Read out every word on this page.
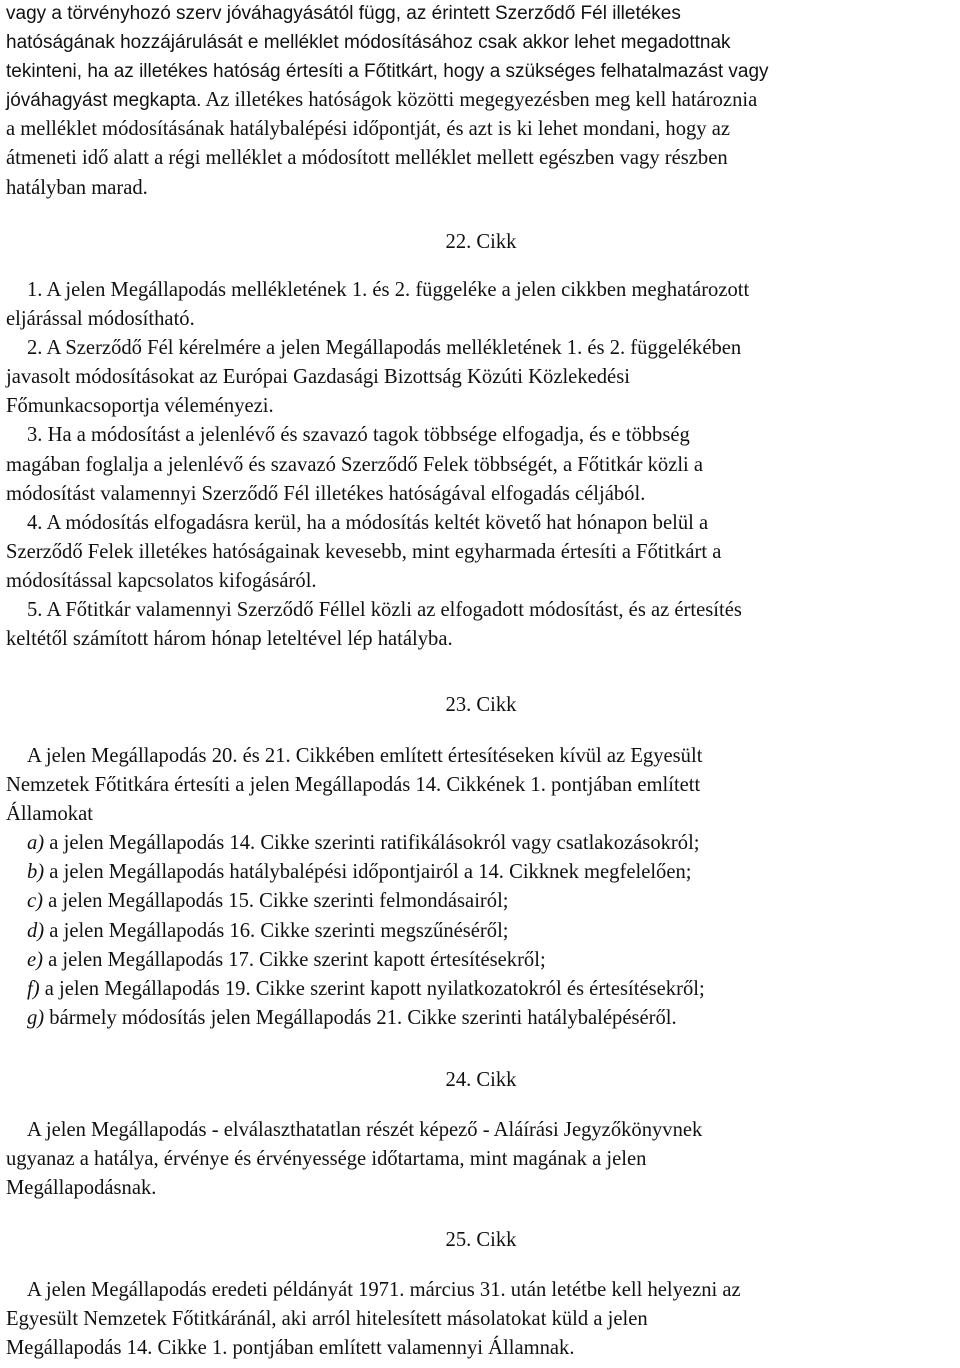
vagy a törvényhozó szerv jóváhagyásától függ, az érintett Szerződő Fél illetékes

hatóságának hozzájárulását e melléklet módosításához csak akkor lehet megadottnak

tekinteni, ha az illetékes hatóság értesíti a Főtitkárt, hogy a szükséges felhatalmazást vagy

jóváhagyást megkapta. Az illetékes hatóságok közötti megegyezésben meg kell határoznia

a melléklet módosításának hatálybalépési időpontját, és azt is ki lehet mondani, hogy az

átmeneti idő alatt a régi melléklet a módosított melléklet mellett egészben vagy részben

hatályban marad.

22. Cikk

1. A jelen Megállapodás mellékletének 1. és 2. függeléke a jelen cikkben meghatározott

eljárással módosítható.

2. A Szerződő Fél kérelmére a jelen Megállapodás mellékletének 1. és 2. függelékében

javasolt módosításokat az Európai Gazdasági Bizottság Közúti Közlekedési

Főmunkacsoportja véleményezi.

3. Ha a módosítást a jelenlévő és szavazó tagok többsége elfogadja, és e többség

magában foglalja a jelenlévő és szavazó Szerződő Felek többségét, a Főtitkár közli a

módosítást valamennyi Szerződő Fél illetékes hatóságával elfogadás céljából.

4. A módosítás elfogadásra kerül, ha a módosítás keltét követő hat hónapon belül a

Szerződő Felek illetékes hatóságainak kevesebb, mint egyharmada értesíti a Főtitkárt a

módosítással kapcsolatos kifogásáról.

5. A Főtitkár valamennyi Szerződő Féllel közli az elfogadott módosítást, és az értesítés

keltétől számított három hónap leteltével lép hatályba.

23. Cikk

A jelen Megállapodás 20. és 21. Cikkében említett értesítéseken kívül az Egyesült

Nemzetek Főtitkára értesíti a jelen Megállapodás 14. Cikkének 1. pontjában említett

Államokat

a) a jelen Megállapodás 14. Cikke szerinti ratifikálásokról vagy csatlakozásokról;

b) a jelen Megállapodás hatálybalépési időpontjairól a 14. Cikknek megfelelően;

c) a jelen Megállapodás 15. Cikke szerinti felmondásairól;

d) a jelen Megállapodás 16. Cikke szerinti megszűnéséről;

e) a jelen Megállapodás 17. Cikke szerint kapott értesítésekről;

f) a jelen Megállapodás 19. Cikke szerint kapott nyilatkozatokról és értesítésekről;

g) bármely módosítás jelen Megállapodás 21. Cikke szerinti hatálybalépéséről.

24. Cikk

A jelen Megállapodás - elválaszthatatlan részét képező - Aláírási Jegyzőkönyvnek

ugyanaz a hatálya, érvénye és érvényessége időtartama, mint magának a jelen

Megállapodásnak.

25. Cikk

A jelen Megállapodás eredeti példányát 1971. március 31. után letétbe kell helyezni az

Egyesült Nemzetek Főtitkáránál, aki arról hitelesített másolatokat küld a jelen

Megállapodás 14. Cikke 1. pontjában említett valamennyi Államnak.
